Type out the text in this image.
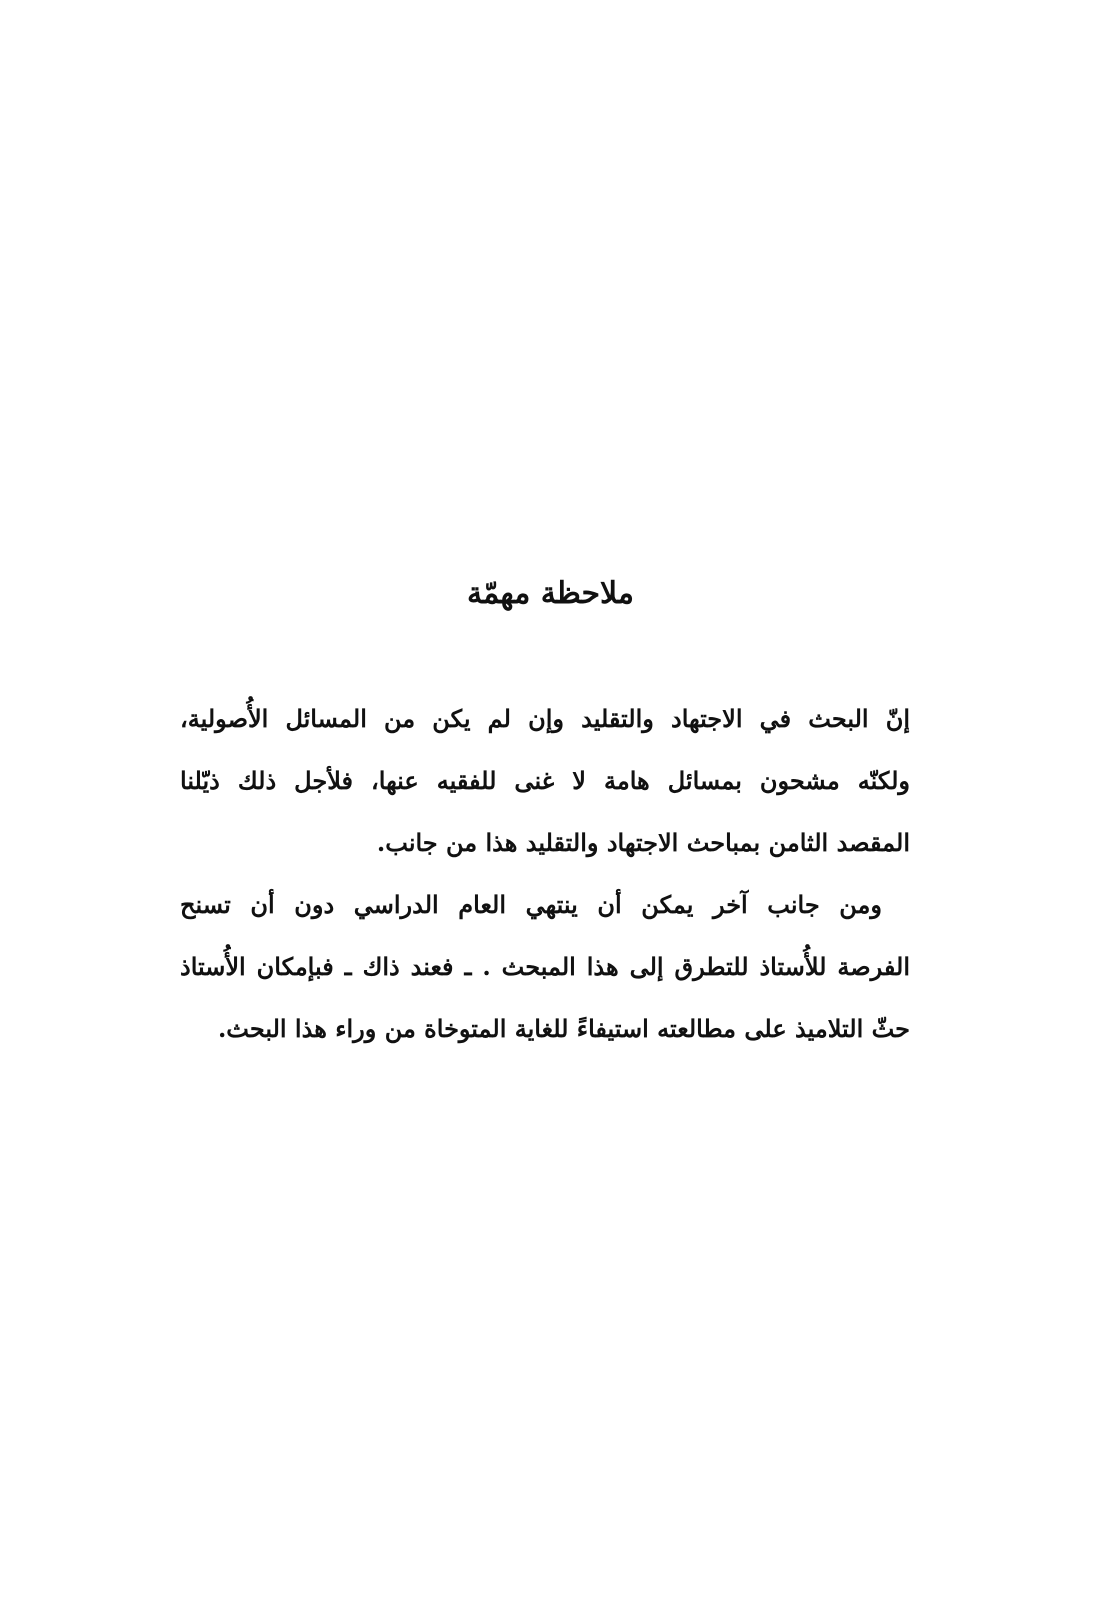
ملاحظة مهمّة

إنّ البحث في الاجتهاد والتقليد وإن لم يكن من المسائل الأُصولية،
ولكنّه مشحون بمسائل هامة لا غنى للفقيه عنها، فلأجل ذلك ذيّلنا
المقصد الثامن بمباحث الاجتهاد والتقليد هذا من جانب.

ومن جانب آخر يمكن أن ينتهي العام الدراسي دون أن تسنح
الفرصة للأُستاذ للتطرق إلى هذا المبحث . ـ فعند ذاك ـ فبإمكان الأُستاذ
حثّ التلاميذ على مطالعته استيفاءً للغاية المتوخاة من وراء هذا البحث.
